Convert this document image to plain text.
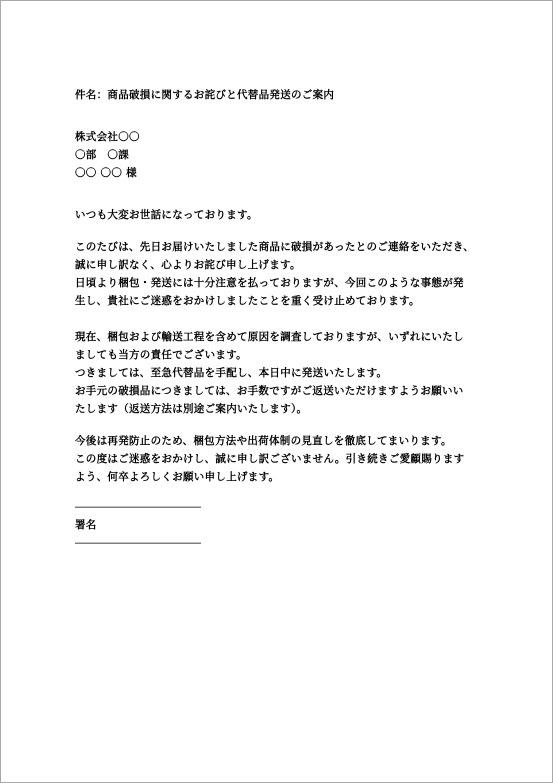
件名：商品破損に関するお詫びと代替品発送のご案内
株式会社〇〇
〇部　〇課
〇〇 〇〇 様
いつも大変お世話になっております。
このたびは、先日お届けいたしました商品に破損があったとのご連絡をいただき、
誠に申し訳なく、心よりお詫び申し上げます。
日頃より梱包・発送には十分注意を払っておりますが、今回このような事態が発
生し、貴社にご迷惑をおかけしましたことを重く受け止めております。
現在、梱包および輸送工程を含めて原因を調査しておりますが、いずれにいたし
ましても当方の責任でございます。
つきましては、至急代替品を手配し、本日中に発送いたします。
お手元の破損品につきましては、お手数ですがご返送いただけますようお願いい
たします（返送方法は別途ご案内いたします）。
今後は再発防止のため、梱包方法や出荷体制の見直しを徹底してまいります。
この度はご迷惑をおかけし、誠に申し訳ございません。引き続きご愛顧賜ります
よう、何卒よろしくお願い申し上げます。
――――――――――――
署名
――――――――――――
